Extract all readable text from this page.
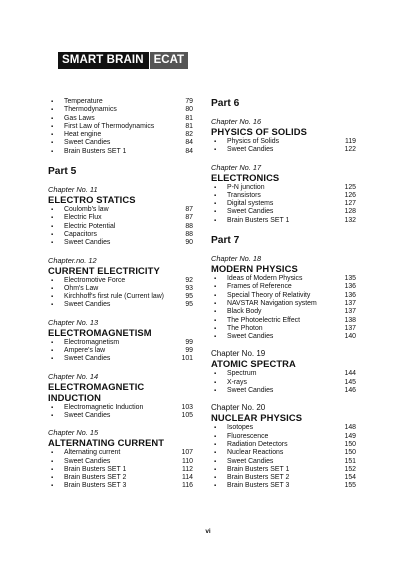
SMART BRAIN ECAT
▪ Temperature	79
▪ Thermodynamics	80
▪ Gas Laws	81
▪ First Law of Thermodynamics	81
▪ Heat engine	82
▪ Sweet Candies	84
▪ Brain Busters SET 1	84
Part 5
Chapter No. 11
ELECTRO STATICS
▪ Coulomb's law	87
▪ Electric Flux	87
▪ Electric Potential	88
▪ Capacitors	88
▪ Sweet Candies	90
Chapter.no. 12
CURRENT ELECTRICITY
▪ Electromotive Force	92
▪ Ohm's Law	93
▪ Kirchhoff's first rule (Current law)	95
▪ Sweet Candies	95
Chapter No. 13
ELECTROMAGNETISM
▪ Electromagnetism	99
▪ Ampere's law	99
▪ Sweet Candies	101
Chapter No. 14
ELECTROMAGNETIC INDUCTION
▪ Electromagnetic Induction	103
▪ Sweet Candies	105
Chapter No. 15
ALTERNATING CURRENT
▪ Alternating current	107
▪ Sweet Candies	110
▪ Brain Busters SET 1	112
▪ Brain Busters SET 2	114
▪ Brain Busters SET 3	116
Part 6
Chapter No. 16
PHYSICS OF SOLIDS
▪ Physics of Solids	119
▪ Sweet Candies	122
Chapter No. 17
ELECTRONICS
▪ P-N junction	125
▪ Transistors	126
▪ Digital systems	127
▪ Sweet Candies	128
▪ Brain Busters SET 1	132
Part 7
Chapter No. 18
MODERN PHYSICS
▪ Ideas of Modern Physics	135
▪ Frames of Reference	136
▪ Special Theory of Relativity	136
▪ NAVSTAR Navigation system	137
▪ Black Body	137
▪ The Photoelectric Effect	138
▪ The Photon	137
▪ Sweet Candies	140
Chapter No. 19
ATOMIC SPECTRA
▪ Spectrum	144
▪ X-rays	145
▪ Sweet Candies	146
Chapter No. 20
NUCLEAR PHYSICS
▪ Isotopes	148
▪ Fluorescence	149
▪ Radiation Detectors	150
▪ Nuclear Reactions	150
▪ Sweet Candies	151
▪ Brain Busters SET 1	152
▪ Brain Busters SET 2	154
▪ Brain Busters SET 3	155
vi
